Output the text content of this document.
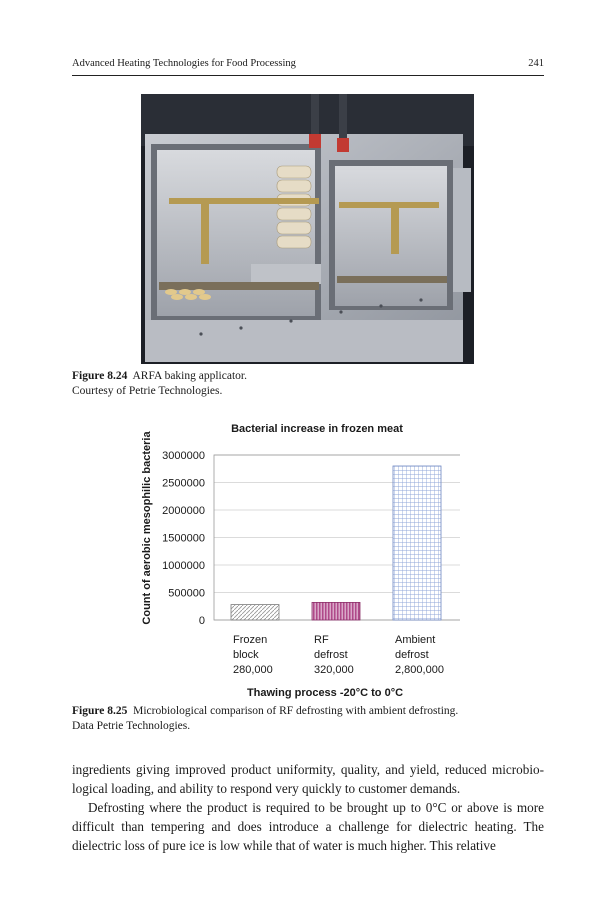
Advanced Heating Technologies for Food Processing	241
Figure 8.24 ARFA baking applicator.
Courtesy of Petrie Technologies.
Bacterial increase in frozen meat
Count of aerobic mesophilic bacteria 3000000
2500000
2000000
1500000
1000000
500000
0
Frozen
block
280,000
RF
defrost
320,000
Ambient
defrost
2,800,000
Thawing process -20°C to 0°C
Figure 8.25 Microbiological comparison of RF defrosting with ambient defrosting.
Data Petrie Technologies.

ingredients giving improved product uniformity, quality, and yield, reduced microbio-logical loading, and ability to respond very quickly to customer demands.

Defrosting where the product is required to be brought up to 0°C or above is more difficult than tempering and does introduce a challenge for dielectric heating. The dielectric loss of pure ice is low while that of water is much higher. This relative
